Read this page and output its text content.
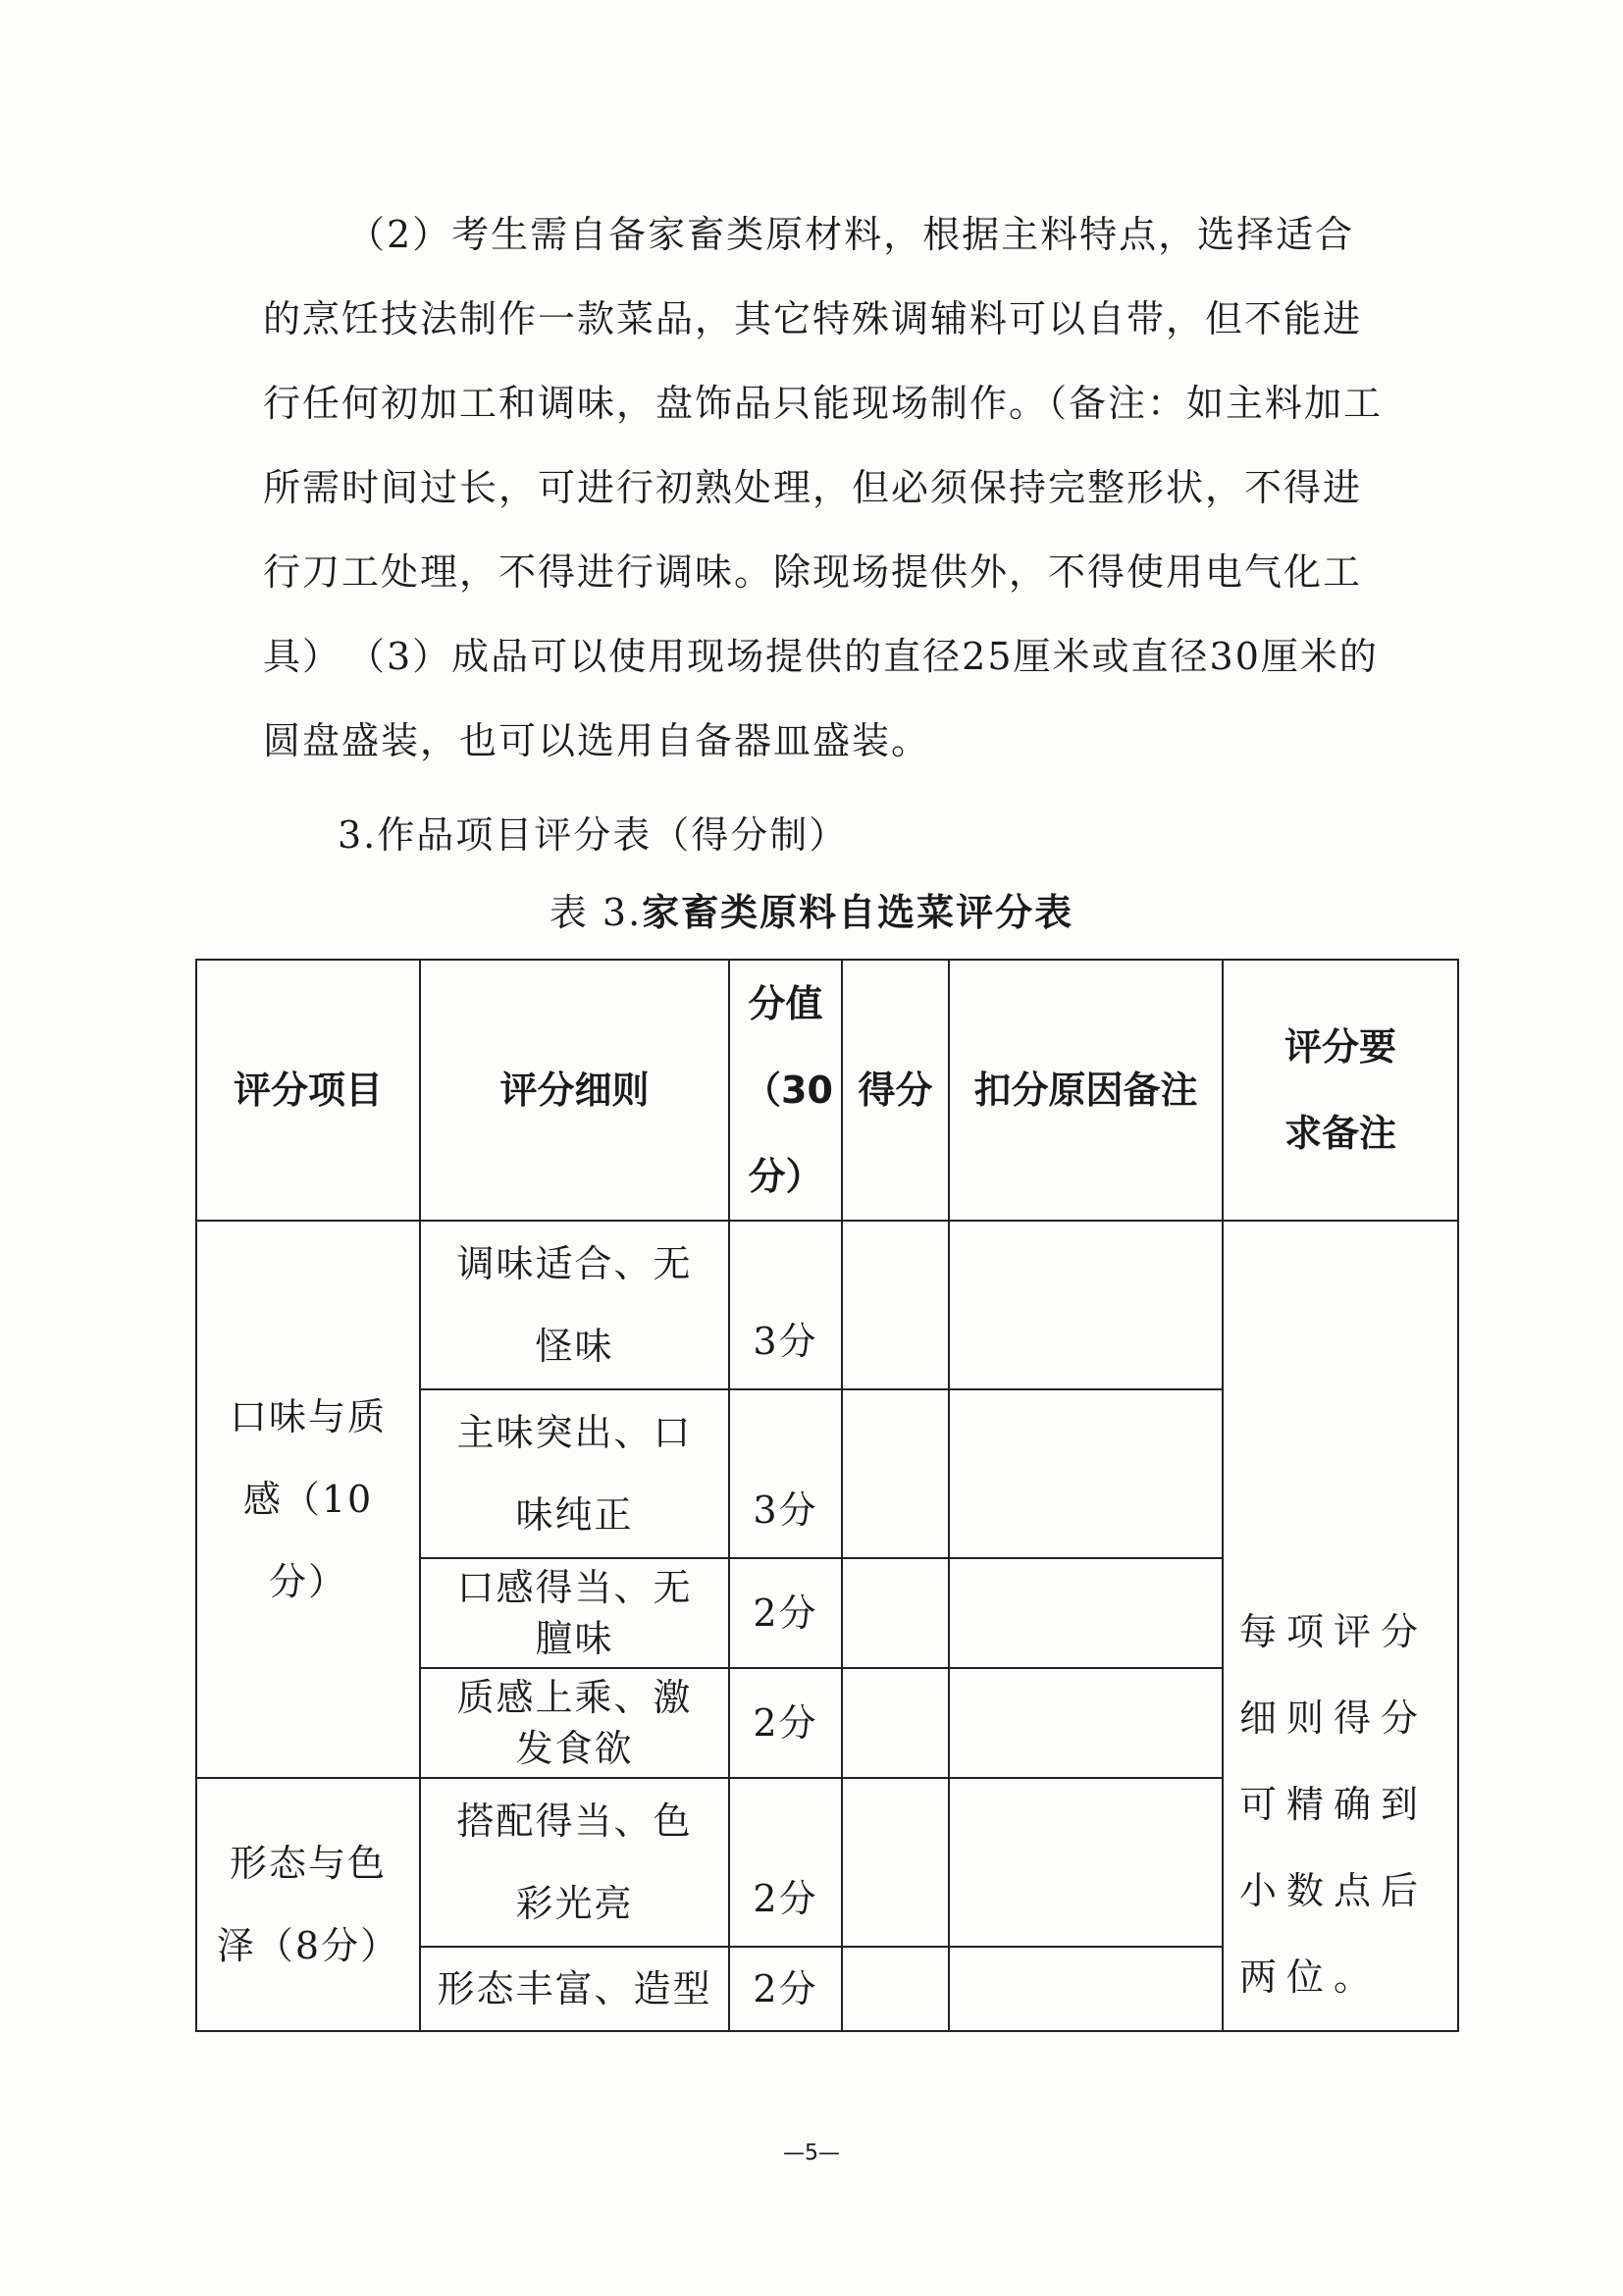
（2）考生需自备家畜类原材料，根据主料特点，选择适合的烹饪技法制作一款菜品，其它特殊调辅料可以自带，但不能进行任何初加工和调味，盘饰品只能现场制作。（备注：如主料加工所需时间过长，可进行初熟处理，但必须保持完整形状，不得进行刀工处理，不得进行调味。除现场提供外，不得使用电气化工具） （3）成品可以使用现场提供的直径25厘米或直径30厘米的圆盘盛装，也可以选用自备器皿盛装。

3.作品项目评分表（得分制）

表 3.家畜类原料自选菜评分表

评分项目	评分细则	分值（30分）	得分	扣分原因备注	评分要求备注
口味与质感（10分）	调味适合、无怪味	3分			每项评分细则得分可精确到小数点后两位。
	主味突出、口味纯正	3分			
	口感得当、无膻味	2分			
	质感上乘、激发食欲	2分			
形态与色泽（8分）	搭配得当、色彩光亮	2分			
	形态丰富、造型	2分			

—5—
